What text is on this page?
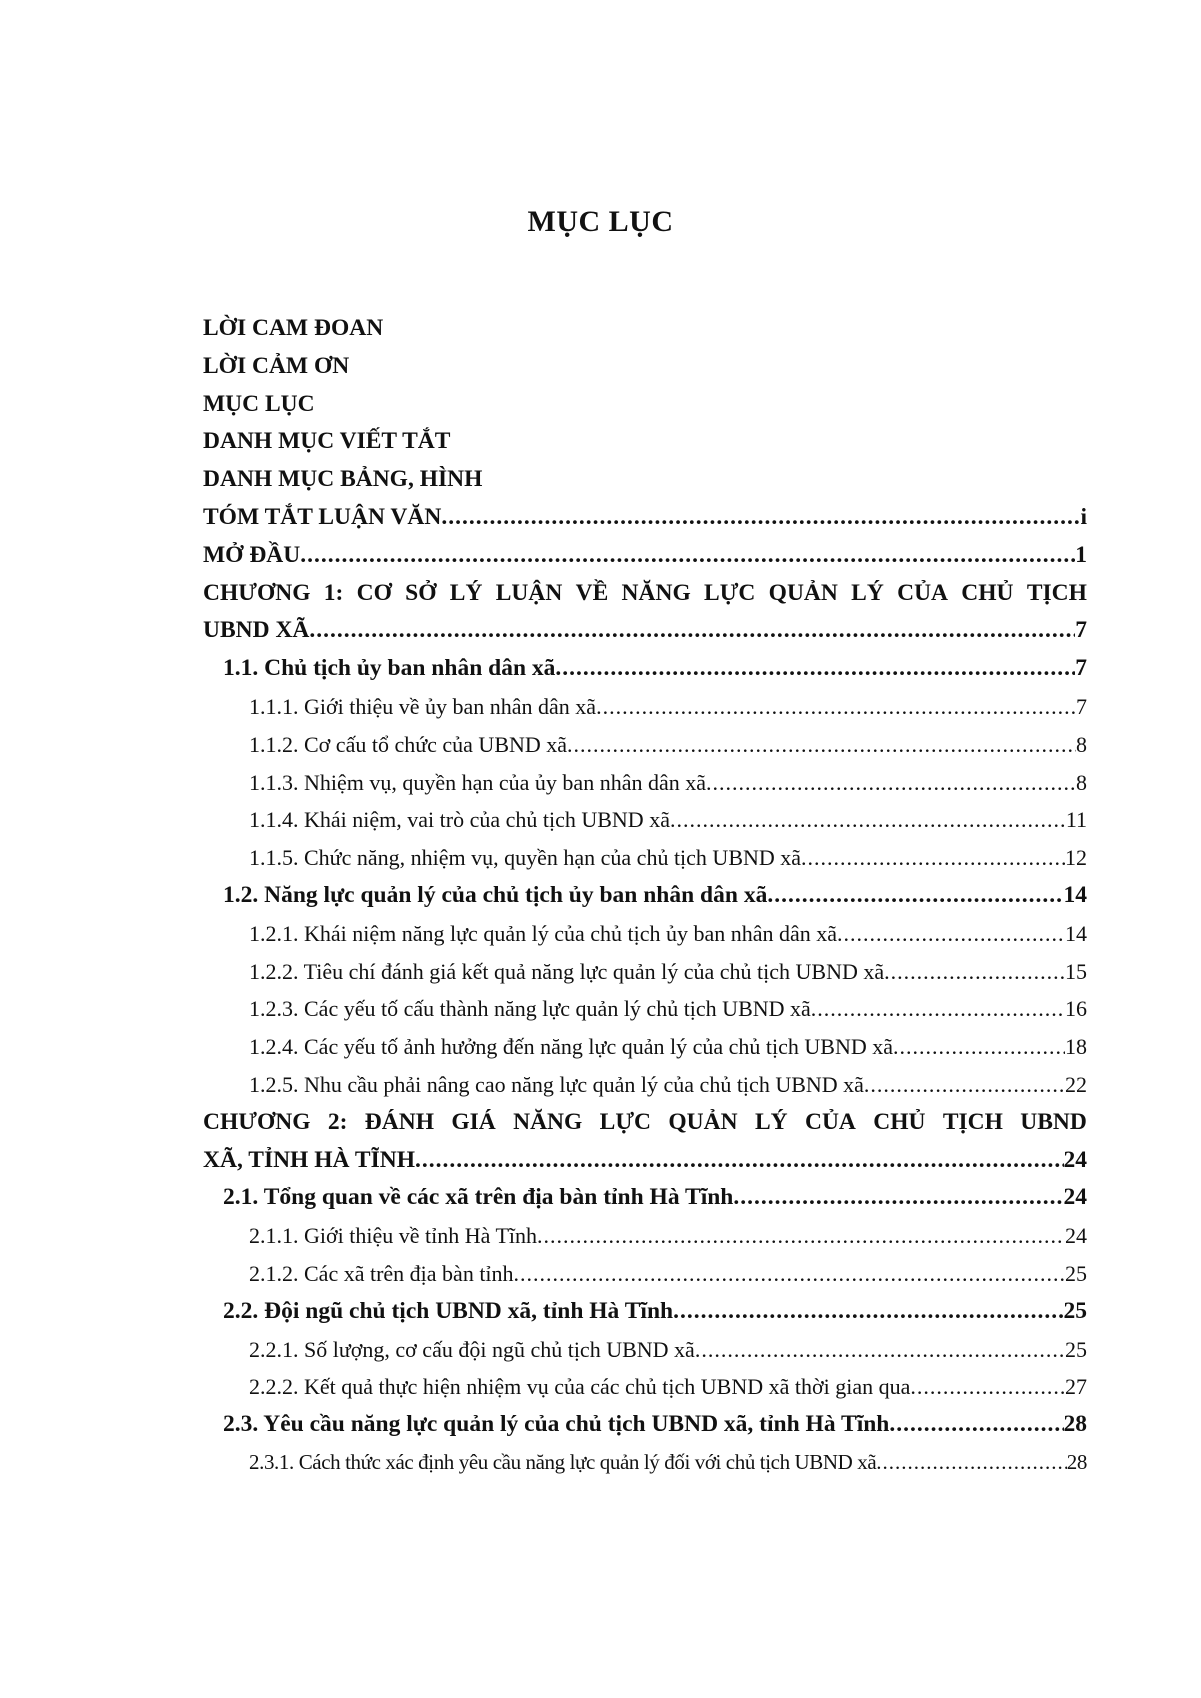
MỤC LỤC
LỜI CAM ĐOAN
LỜI CẢM ƠN
MỤC LỤC
DANH MỤC VIẾT TẮT
DANH MỤC BẢNG, HÌNH
TÓM TẮT LUẬN VĂN .....	i
MỞ ĐẦU .....	1
CHƯƠNG 1: CƠ SỞ LÝ LUẬN VỀ NĂNG LỰC QUẢN LÝ CỦA CHỦ TỊCH
UBND XÃ .....	7
1.1. Chủ tịch ủy ban nhân dân xã .....	7
1.1.1. Giới thiệu về ủy ban nhân dân xã .....	7
1.1.2. Cơ cấu tổ chức của UBND xã .....	8
1.1.3. Nhiệm vụ, quyền hạn của ủy ban nhân dân xã .....	8
1.1.4. Khái niệm, vai trò của chủ tịch UBND xã .....	11
1.1.5. Chức năng, nhiệm vụ, quyền hạn của chủ tịch UBND xã .....	12
1.2. Năng lực quản lý của chủ tịch ủy ban nhân dân xã .....	14
1.2.1. Khái niệm năng lực quản lý của chủ tịch ủy ban nhân dân xã .....	14
1.2.2. Tiêu chí đánh giá kết quả năng lực quản lý của chủ tịch UBND xã .....	15
1.2.3. Các yếu tố cấu thành năng lực quản lý chủ tịch UBND xã .....	16
1.2.4. Các yếu tố ảnh hưởng đến năng lực quản lý của chủ tịch UBND xã .....	18
1.2.5. Nhu cầu phải nâng cao năng lực quản lý của chủ tịch UBND xã .....	22
CHƯƠNG 2: ĐÁNH GIÁ NĂNG LỰC QUẢN LÝ CỦA CHỦ TỊCH UBND
XÃ, TỈNH HÀ TĨNH .....	24
2.1. Tổng quan về các xã trên địa bàn tỉnh Hà Tĩnh .....	24
2.1.1. Giới thiệu về tỉnh Hà Tĩnh .....	24
2.1.2. Các xã trên địa bàn tỉnh .....	25
2.2. Đội ngũ chủ tịch UBND xã, tỉnh Hà Tĩnh .....	25
2.2.1. Số lượng, cơ cấu đội ngũ chủ tịch UBND xã .....	25
2.2.2. Kết quả thực hiện nhiệm vụ của các chủ tịch UBND xã thời gian qua .....	27
2.3. Yêu cầu năng lực quản lý của chủ tịch UBND xã, tỉnh Hà Tĩnh .....	28
2.3.1. Cách thức xác định yêu cầu năng lực quản lý đối với chủ tịch UBND xã .....	28
